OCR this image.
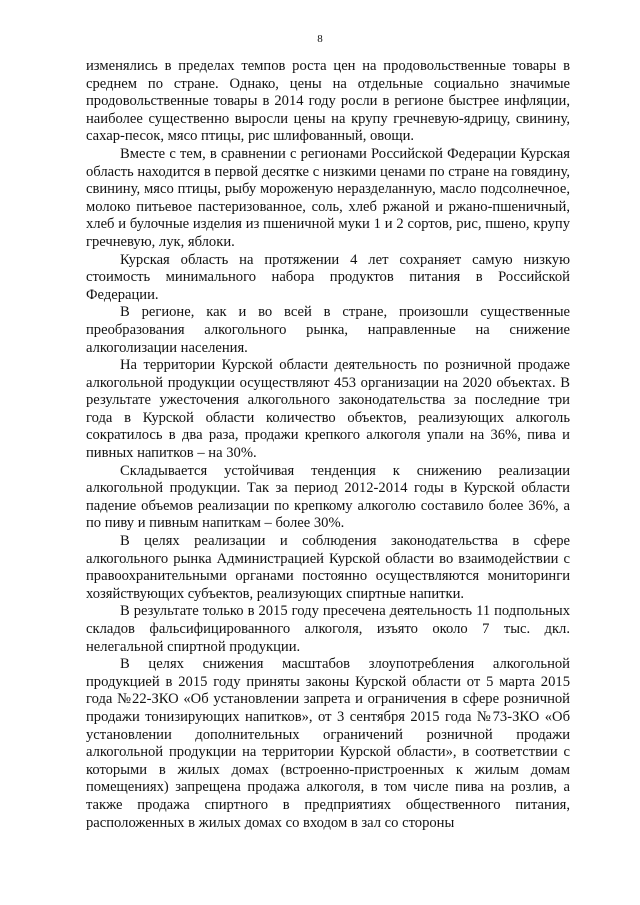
8

изменялись в пределах темпов роста цен на продовольственные товары в среднем по стране. Однако, цены на отдельные социально значимые продовольственные товары в 2014 году росли в регионе быстрее инфляции, наиболее существенно выросли цены на крупу гречневую-ядрицу, свинину, сахар-песок, мясо птицы, рис шлифованный, овощи.

Вместе с тем, в сравнении с регионами Российской Федерации Курская область находится в первой десятке с низкими ценами по стране на говядину, свинину, мясо птицы, рыбу мороженую неразделанную, масло подсолнечное, молоко питьевое пастеризованное, соль, хлеб ржаной и ржано-пшеничный, хлеб и булочные изделия из пшеничной муки 1 и 2 сортов, рис, пшено, крупу гречневую, лук, яблоки.

Курская область на протяжении 4 лет сохраняет самую низкую стоимость минимального набора продуктов питания в Российской Федерации.

В регионе, как и во всей в стране, произошли существенные преобразования алкогольного рынка, направленные на снижение алкоголизации населения.

На территории Курской области деятельность по розничной продаже алкогольной продукции осуществляют 453 организации на 2020 объектах. В результате ужесточения алкогольного законодательства за последние три года в Курской области количество объектов, реализующих алкоголь сократилось в два раза, продажи крепкого алкоголя упали на 36%, пива и пивных напитков – на 30%.

Складывается устойчивая тенденция к снижению реализации алкогольной продукции. Так за период 2012-2014 годы в Курской области падение объемов реализации по крепкому алкоголю составило более 36%, а по пиву и пивным напиткам – более 30%.

В целях реализации и соблюдения законодательства в сфере алкогольного рынка Администрацией Курской области во взаимодействии с правоохранительными органами постоянно осуществляются мониторинги хозяйствующих субъектов, реализующих спиртные напитки.

В результате только в 2015 году пресечена деятельность 11 подпольных складов фальсифицированного алкоголя, изъято около 7 тыс. дкл. нелегальной спиртной продукции.

В целях снижения масштабов злоупотребления алкогольной продукцией в 2015 году приняты законы Курской области от 5 марта 2015 года №22-ЗКО «Об установлении запрета и ограничения в сфере розничной продажи тонизирующих напитков», от 3 сентября 2015 года №73-ЗКО «Об установлении дополнительных ограничений розничной продажи алкогольной продукции на территории Курской области», в соответствии с которыми в жилых домах (встроенно-пристроенных к жилым домам помещениях) запрещена продажа алкоголя, в том числе пива на розлив, а также продажа спиртного в предприятиях общественного питания, расположенных в жилых домах со входом в зал со стороны
